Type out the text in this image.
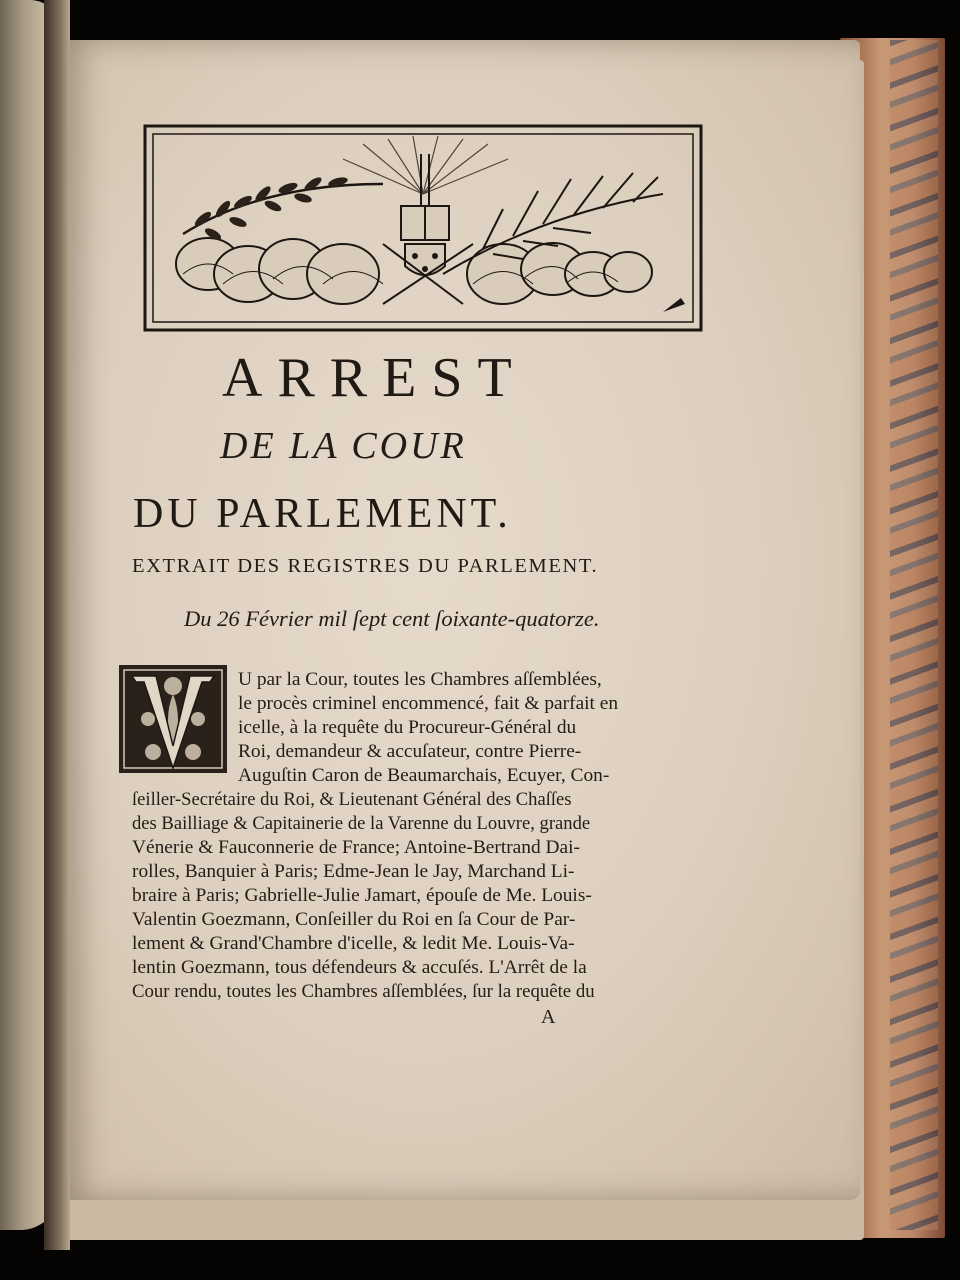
ARREST
DE LA COUR
DU PARLEMENT.
EXTRAIT DES REGISTRES DU PARLEMENT.
Du 26 Février mil ſept cent ſoixante-quatorze.
U par la Cour, toutes les Chambres aſſemblées,
le procès criminel encommencé, fait & parfait en
icelle, à la requête du Procureur-Général du
Roi, demandeur & accuſateur, contre Pierre-
Auguſtin Caron de Beaumarchais, Ecuyer, Con-
ſeiller-Secrétaire du Roi, & Lieutenant Général des Chaſſes
des Bailliage & Capitainerie de la Varenne du Louvre, grande
Vénerie & Fauconnerie de France; Antoine-Bertrand Dai-
rolles, Banquier à Paris; Edme-Jean le Jay, Marchand Li-
braire à Paris; Gabrielle-Julie Jamart, épouſe de Me. Louis-
Valentin Goezmann, Conſeiller du Roi en ſa Cour de Par-
lement & Grand'Chambre d'icelle, & ledit Me. Louis-Va-
lentin Goezmann, tous défendeurs & accuſés. L'Arrêt de la
Cour rendu, toutes les Chambres aſſemblées, ſur la requête du
A
